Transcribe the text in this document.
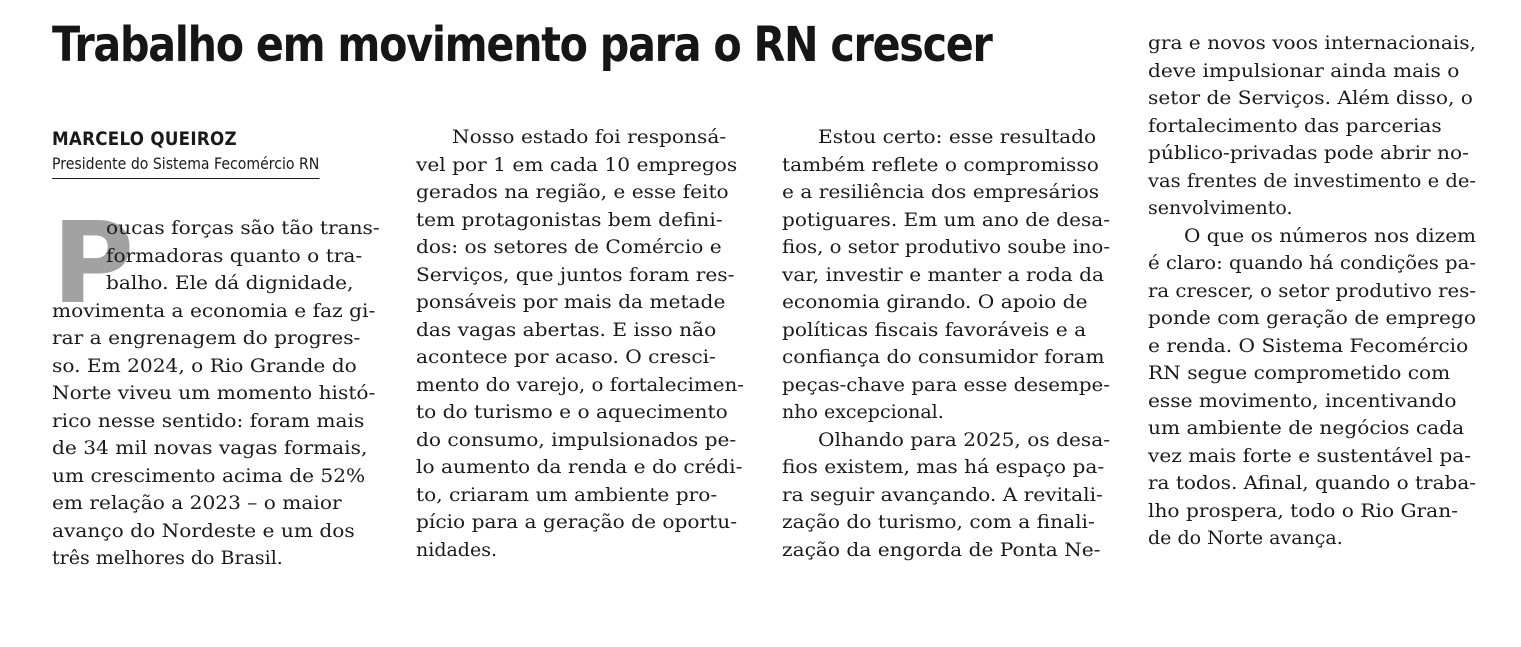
Trabalho em movimento para o RN crescer
MARCELO QUEIROZ
Presidente do Sistema Fecomércio RN
P
oucas forças são tão trans-
formadoras quanto o tra-
balho. Ele dá dignidade,
movimenta a economia e faz gi-
rar a engrenagem do progres-
so. Em 2024, o Rio Grande do
Norte viveu um momento histó-
rico nesse sentido: foram mais
de 34 mil novas vagas formais,
um crescimento acima de 52%
em relação a 2023 – o maior
avanço do Nordeste e um dos
três melhores do Brasil.
Nosso estado foi responsá-
vel por 1 em cada 10 empregos
gerados na região, e esse feito
tem protagonistas bem defini-
dos: os setores de Comércio e
Serviços, que juntos foram res-
ponsáveis por mais da metade
das vagas abertas. E isso não
acontece por acaso. O cresci-
mento do varejo, o fortalecimen-
to do turismo e o aquecimento
do consumo, impulsionados pe-
lo aumento da renda e do crédi-
to, criaram um ambiente pro-
pício para a geração de oportu-
nidades.
Estou certo: esse resultado
também reflete o compromisso
e a resiliência dos empresários
potiguares. Em um ano de desa-
fios, o setor produtivo soube ino-
var, investir e manter a roda da
economia girando. O apoio de
políticas fiscais favoráveis e a
confiança do consumidor foram
peças-chave para esse desempe-
nho excepcional.
Olhando para 2025, os desa-
fios existem, mas há espaço pa-
ra seguir avançando. A revitali-
zação do turismo, com a finali-
zação da engorda de Ponta Ne-
gra e novos voos internacionais,
deve impulsionar ainda mais o
setor de Serviços. Além disso, o
fortalecimento das parcerias
público-privadas pode abrir no-
vas frentes de investimento e de-
senvolvimento.
O que os números nos dizem
é claro: quando há condições pa-
ra crescer, o setor produtivo res-
ponde com geração de emprego
e renda. O Sistema Fecomércio
RN segue comprometido com
esse movimento, incentivando
um ambiente de negócios cada
vez mais forte e sustentável pa-
ra todos. Afinal, quando o traba-
lho prospera, todo o Rio Gran-
de do Norte avança.
